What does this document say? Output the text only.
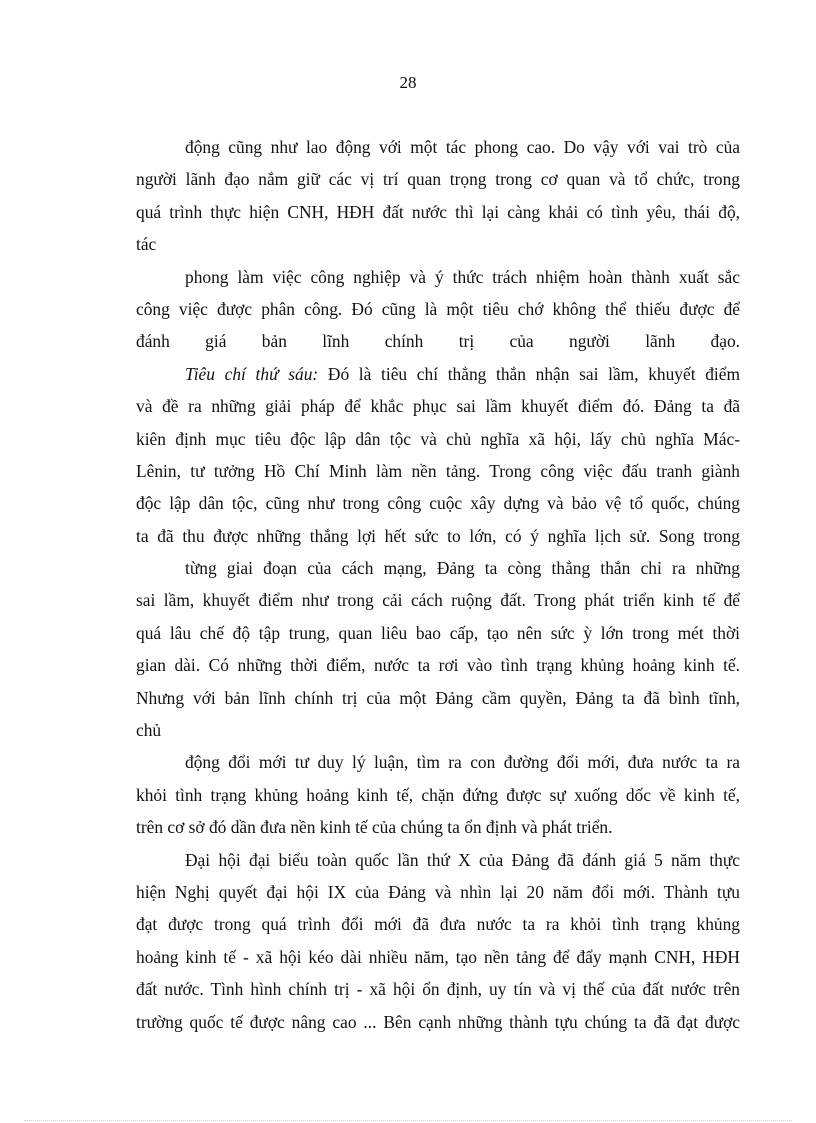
28
động cũng như lao động với một tác phong cao. Do vậy với vai trò của
người lãnh đạo nắm giữ các vị trí quan trọng trong cơ quan và tổ chức, trong
quá trình thực hiện CNH, HĐH đất nước thì lại càng khải có tình yêu, thái độ,
tác
phong làm việc công nghiệp và ý thức trách nhiệm hoàn thành xuất sắc
công việc được phân công. Đó cũng là một tiêu chớ không thể thiếu được để
đánh giá bản lĩnh chính trị của người lãnh đạo.
Tiêu chí thứ sáu: Đó là tiêu chí thẳng thắn nhận sai lầm, khuyết điểm
và đề ra những giải pháp để khắc phục sai lầm khuyết điểm đó. Đảng ta đã
kiên định mục tiêu độc lập dân tộc và chủ nghĩa xã hội, lấy chủ nghĩa Mác-
Lênin, tư tưởng Hồ Chí Minh làm nền tảng. Trong công việc đấu tranh giành
độc lập dân tộc, cũng như trong công cuộc xây dựng và bảo vệ tổ quốc, chúng
ta đã thu được những thắng lợi hết sức to lớn, có ý nghĩa lịch sử. Song trong
từng giai đoạn của cách mạng, Đảng ta còng thẳng thắn chỉ ra những
sai lầm, khuyết điểm như trong cải cách ruộng đất. Trong phát triển kinh tế để
quá lâu chế độ tập trung, quan liêu bao cấp, tạo nên sức ỳ lớn trong mét thời
gian dài. Có những thời điểm, nước ta rơi vào tình trạng khủng hoảng kinh tế.
Nhưng với bản lĩnh chính trị của một Đảng cầm quyền, Đảng ta đã bình tĩnh,
chủ
động đổi mới tư duy lý luận, tìm ra con đường đổi mới, đưa nước ta ra
khỏi tình trạng khủng hoảng kinh tế, chặn đứng được sự xuống dốc về kinh tế,
trên cơ sở đó dần đưa nền kinh tế của chúng ta ổn định và phát triển.
Đại hội đại biểu toàn quốc lần thứ X của Đảng đã đánh giá 5 năm thực
hiện Nghị quyết đại hội IX của Đảng và nhìn lại 20 năm đổi mới. Thành tựu
đạt được trong quá trình đổi mới đã đưa nước ta ra khỏi tình trạng khủng
hoảng kinh tế - xã hội kéo dài nhiều năm, tạo nền tảng để đẩy mạnh CNH, HĐH
đất nước. Tình hình chính trị - xã hội ổn định, uy tín và vị thế của đất nước trên
trường quốc tế được nâng cao ... Bên cạnh những thành tựu chúng ta đã đạt được
